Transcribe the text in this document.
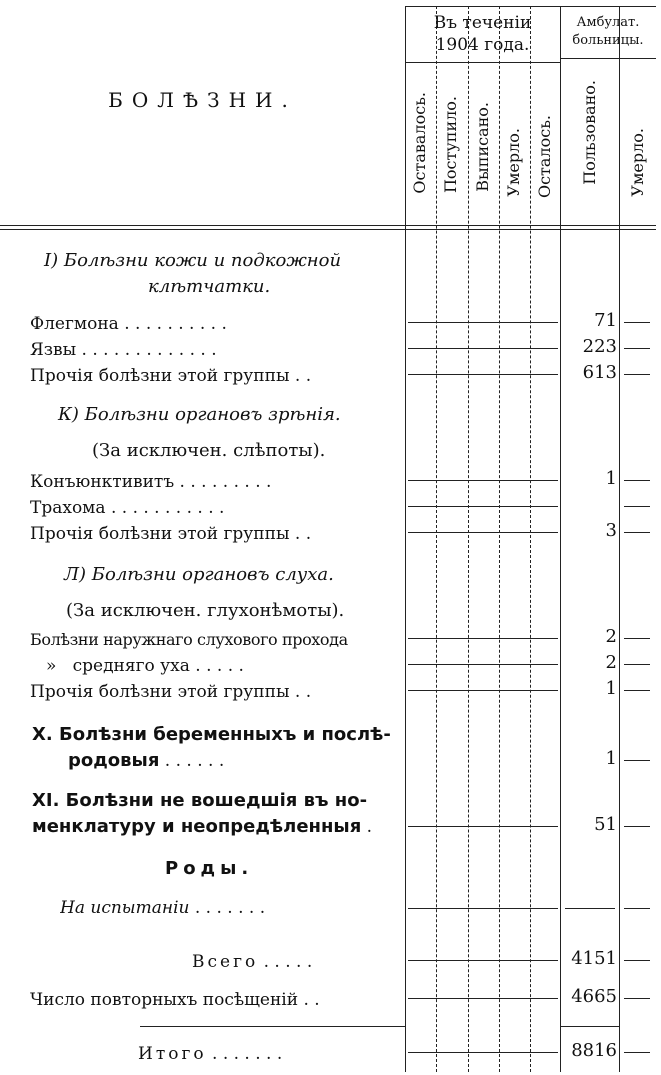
БОЛѢЗНИ.
Въ теченіи
1904 года.
Амбулат.
больницы.
Оставалось. Поступило. Выписано. Умерло. Осталось. Пользовано. Умерло.
I) Болѣзни кожи и подкожной
клѣтчатки.
Флегмона . . . . . . . . . .	71
Язвы . . . . . . . . . . . . .	223
Прочія болѣзни этой группы . .	613
К) Болѣзни органовъ зрѣнія.
(За исключен. слѣпоты).
Конъюнктивитъ . . . . . . . . .	1
Трахома . . . . . . . . . . .
Прочія болѣзни этой группы . .	3
Л) Болѣзни органовъ слуха.
(За исключен. глухонѣмоты).
Болѣзни наружнаго слухового прохода	2
»   средняго уха . . . . .	2
Прочія болѣзни этой группы . .	1
X. Болѣзни беременныхъ и послѣ-
родовыя . . . . . .	1
XI. Болѣзни не вошедшія въ но-
менклатуру и неопредѣленныя .	51
Роды.
На испытаніи . . . . . . .
Всего . . . . .	4151
Число повторныхъ посѣщеній . .	4665
Итого . . . . . . .	8816
